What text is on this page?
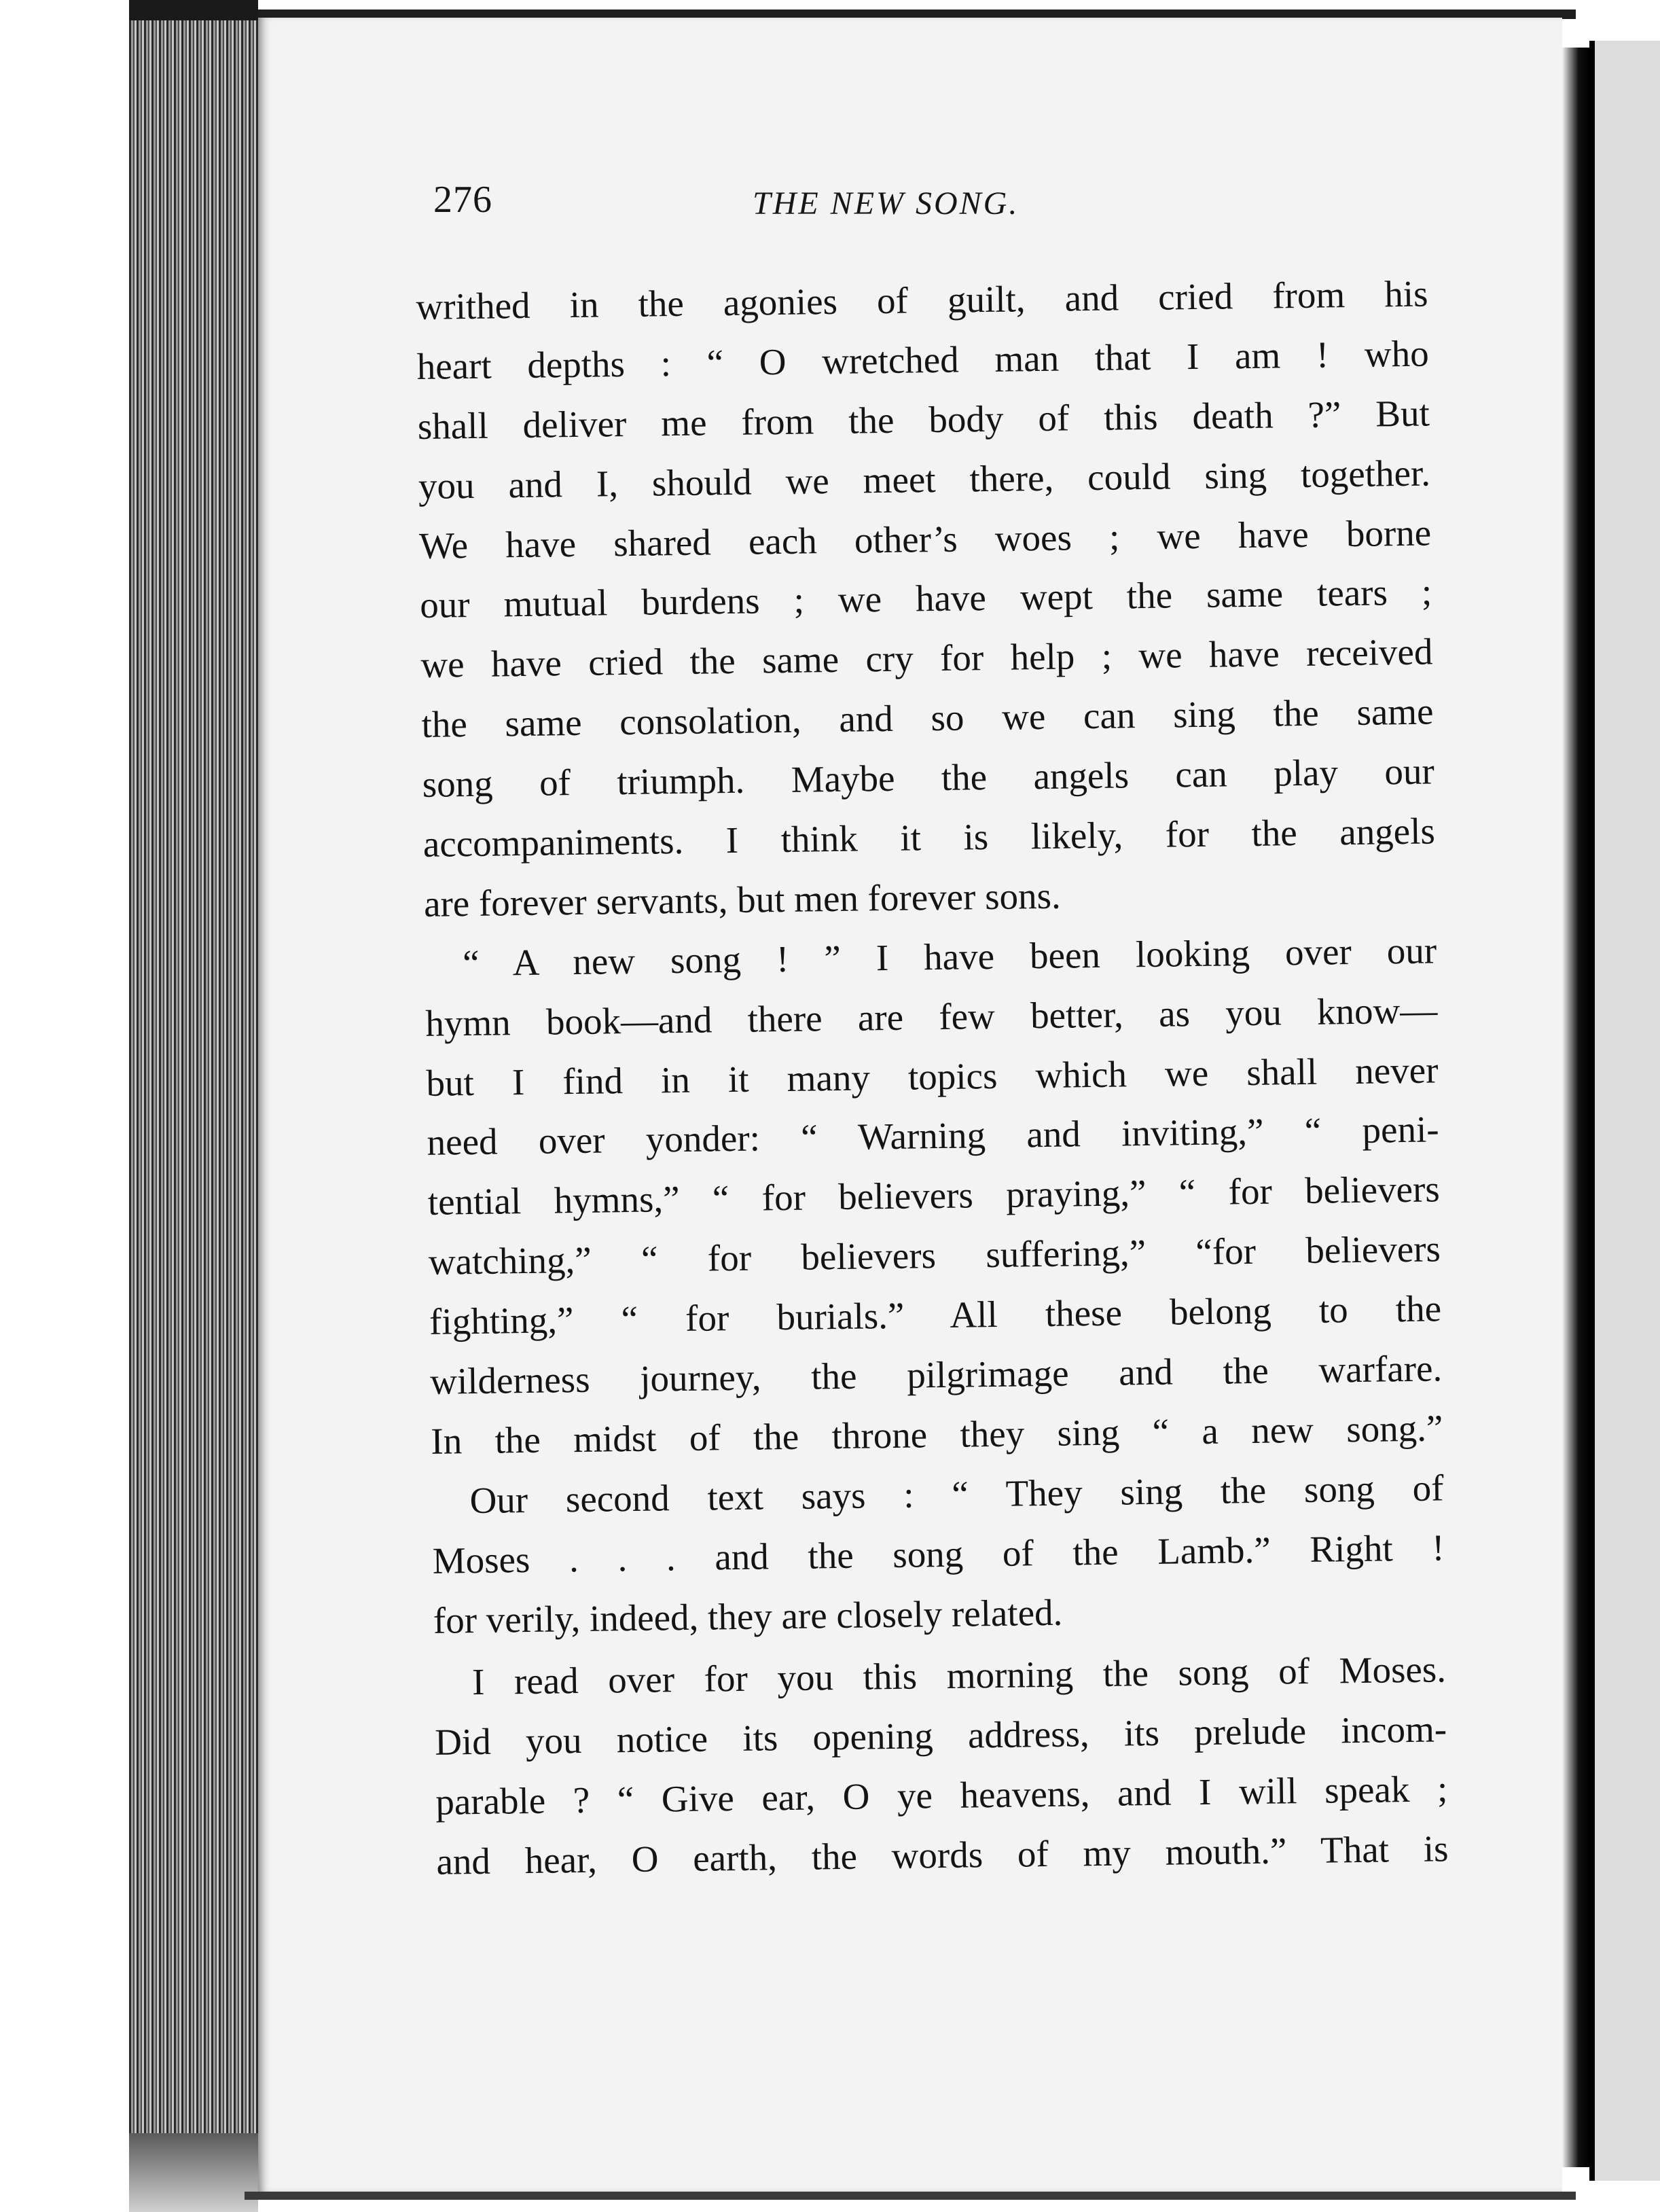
276	THE NEW SONG.
writhed in the agonies of guilt, and cried from his
heart depths : “ O wretched man that I am ! who
shall deliver me from the body of this death ?” But
you and I, should we meet there, could sing together.
We have shared each other’s woes ; we have borne
our mutual burdens ; we have wept the same tears ;
we have cried the same cry for help ; we have received
the same consolation, and so we can sing the same
song of triumph. Maybe the angels can play our
accompaniments. I think it is likely, for the angels
are forever servants, but men forever sons.
“ A new song ! ” I have been looking over our
hymn book—and there are few better, as you know—
but I find in it many topics which we shall never
need over yonder: “ Warning and inviting,” “ peni-
tential hymns,” “ for believers praying,” “ for believers
watching,” “ for believers suffering,” “for believers
fighting,” “ for burials.” All these belong to the
wilderness journey, the pilgrimage and the warfare.
In the midst of the throne they sing “ a new song.”
Our second text says : “ They sing the song of
Moses . . . and the song of the Lamb.” Right !
for verily, indeed, they are closely related.
I read over for you this morning the song of Moses.
Did you notice its opening address, its prelude incom-
parable ? “ Give ear, O ye heavens, and I will speak ;
and hear, O earth, the words of my mouth.” That is
